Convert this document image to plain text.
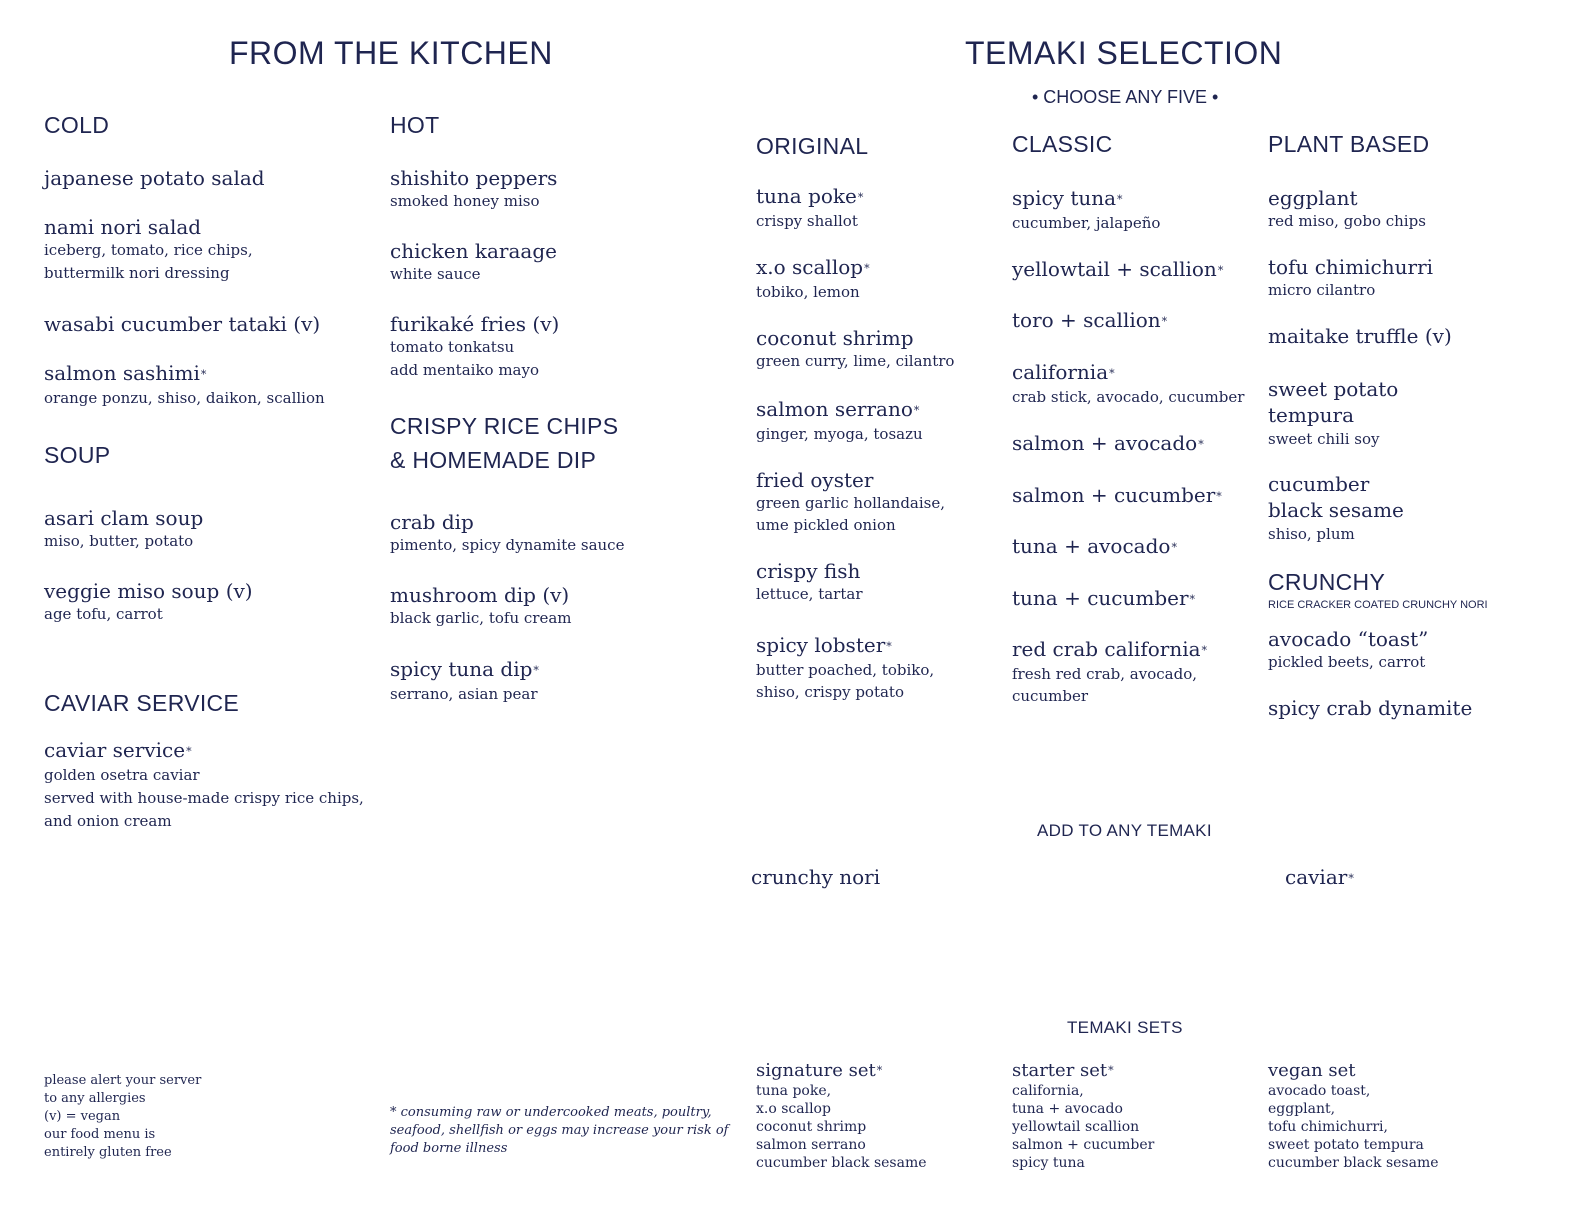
FROM THE KITCHEN
COLD
japanese potato salad
nami nori salad
iceberg, tomato, rice chips,
buttermilk nori dressing
wasabi cucumber tataki (v)
salmon sashimi*
orange ponzu, shiso, daikon, scallion
SOUP
asari clam soup
miso, butter, potato
veggie miso soup (v)
age tofu, carrot
CAVIAR SERVICE
caviar service*
golden osetra caviar
served with house-made crispy rice chips,
and onion cream
HOT
shishito peppers
smoked honey miso
chicken karaage
white sauce
furikaké fries (v)
tomato tonkatsu
add mentaiko mayo
CRISPY RICE CHIPS
& HOMEMADE DIP
crab dip
pimento, spicy dynamite sauce
mushroom dip (v)
black garlic, tofu cream
spicy tuna dip*
serrano, asian pear
please alert your server
to any allergies
(v) = vegan
our food menu is
entirely gluten free
* consuming raw or undercooked meats, poultry,
seafood, shellfish or eggs may increase your risk of
food borne illness
TEMAKI SELECTION
• CHOOSE ANY FIVE •
ORIGINAL
tuna poke*
crispy shallot
x.o scallop*
tobiko, lemon
coconut shrimp
green curry, lime, cilantro
salmon serrano*
ginger, myoga, tosazu
fried oyster
green garlic hollandaise,
ume pickled onion
crispy fish
lettuce, tartar
spicy lobster*
butter poached, tobiko,
shiso, crispy potato
CLASSIC
spicy tuna*
cucumber, jalapeño
yellowtail + scallion*
toro + scallion*
california*
crab stick, avocado, cucumber
salmon + avocado*
salmon + cucumber*
tuna + avocado*
tuna + cucumber*
red crab california*
fresh red crab, avocado,
cucumber
PLANT BASED
eggplant
red miso, gobo chips
tofu chimichurri
micro cilantro
maitake truffle (v)
sweet potato
tempura
sweet chili soy
cucumber
black sesame
shiso, plum
CRUNCHY
RICE CRACKER COATED CRUNCHY NORI
avocado “toast”
pickled beets, carrot
spicy crab dynamite
ADD TO ANY TEMAKI
crunchy nori	caviar*
TEMAKI SETS
signature set*
tuna poke,
x.o scallop
coconut shrimp
salmon serrano
cucumber black sesame
starter set*
california,
tuna + avocado
yellowtail scallion
salmon + cucumber
spicy tuna
vegan set
avocado toast,
eggplant,
tofu chimichurri,
sweet potato tempura
cucumber black sesame
